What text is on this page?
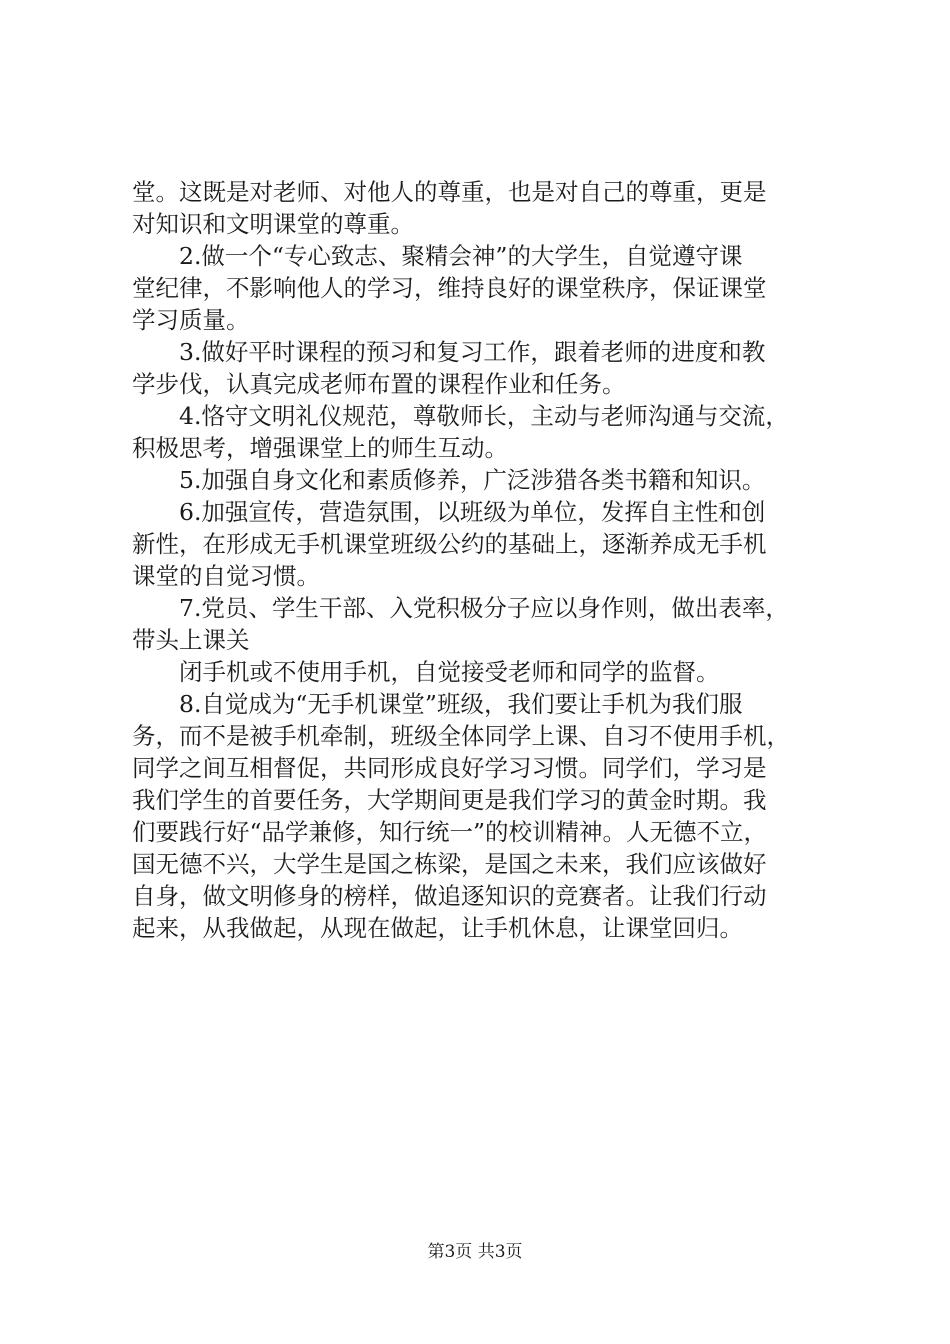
堂。这既是对老师、对他人的尊重，也是对自己的尊重，更是
对知识和文明课堂的尊重。
2.做一个“专心致志、聚精会神”的大学生，自觉遵守课
堂纪律，不影响他人的学习，维持良好的课堂秩序，保证课堂
学习质量。
3.做好平时课程的预习和复习工作，跟着老师的进度和教
学步伐，认真完成老师布置的课程作业和任务。
4.恪守文明礼仪规范，尊敬师长，主动与老师沟通与交流，
积极思考，增强课堂上的师生互动。
5.加强自身文化和素质修养，广泛涉猎各类书籍和知识。
6.加强宣传，营造氛围，以班级为单位，发挥自主性和创
新性，在形成无手机课堂班级公约的基础上，逐渐养成无手机
课堂的自觉习惯。
7.党员、学生干部、入党积极分子应以身作则，做出表率，
带头上课关
闭手机或不使用手机，自觉接受老师和同学的监督。
8.自觉成为“无手机课堂”班级，我们要让手机为我们服
务，而不是被手机牵制，班级全体同学上课、自习不使用手机，
同学之间互相督促，共同形成良好学习习惯。同学们，学习是
我们学生的首要任务，大学期间更是我们学习的黄金时期。我
们要践行好“品学兼修，知行统一”的校训精神。人无德不立，
国无德不兴，大学生是国之栋梁，是国之未来，我们应该做好
自身，做文明修身的榜样，做追逐知识的竞赛者。让我们行动
起来，从我做起，从现在做起，让手机休息，让课堂回归。
第3页 共3页
